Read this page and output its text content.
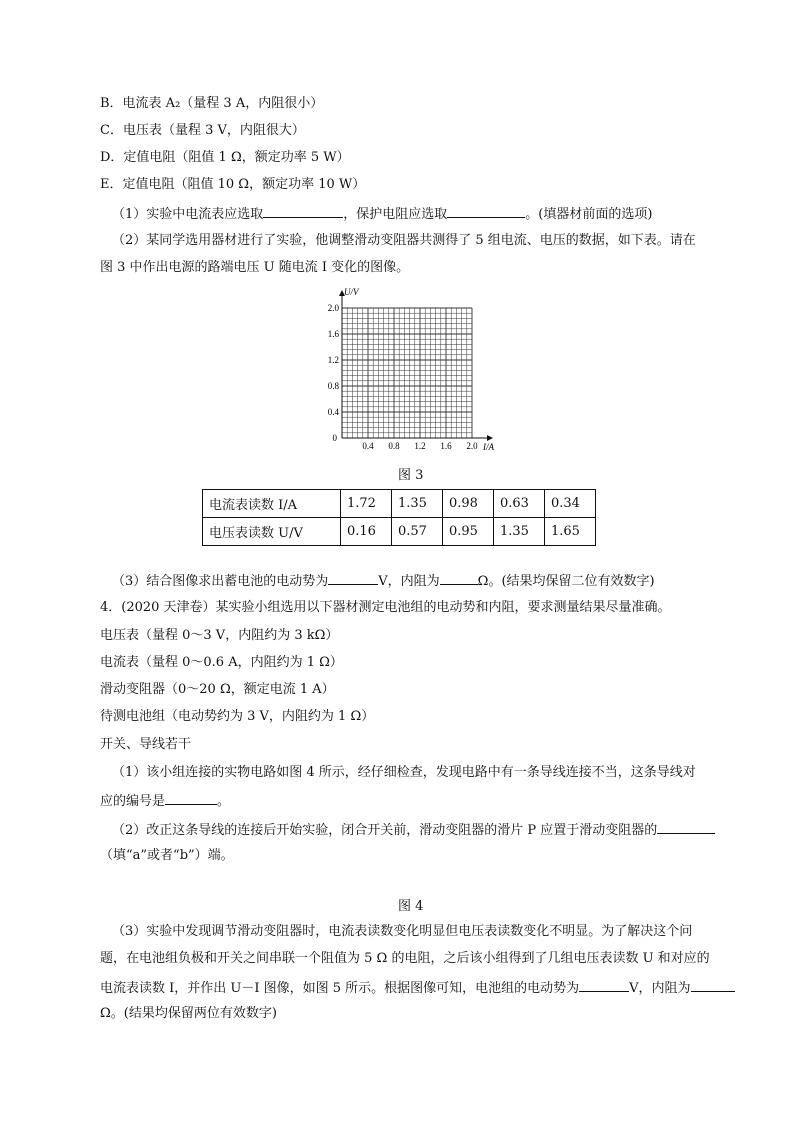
B．电流表 A₂（量程 3 A，内阻很小）
C．电压表（量程 3 V，内阻很大）
D．定值电阻（阻值 1 Ω，额定功率 5 W）
E．定值电阻（阻值 10 Ω，额定功率 10 W）
（1）实验中电流表应选取	，保护电阻应选取	。(填器材前面的选项)
（2）某同学选用器材进行了实验，他调整滑动变阻器共测得了 5 组电流、电压的数据，如下表。请在
图 3 中作出电源的路端电压 U 随电流 I 变化的图像。
U/V
I/A
2.0
1.6
1.2
0.8
0.4
0
0.4 0.8 1.2 1.6 2.0
图 3
电流表读数 I/A	1.72	1.35	0.98	0.63	0.34
电压表读数 U/V	0.16	0.57	0.95	1.35	1.65
（3）结合图像求出蓄电池的电动势为	V，内阻为	Ω。(结果均保留二位有效数字)
4．(2020 天津卷）某实验小组选用以下器材测定电池组的电动势和内阻，要求测量结果尽量准确。
电压表（量程 0～3 V，内阻约为 3 kΩ）
电流表（量程 0～0.6 A，内阻约为 1 Ω）
滑动变阻器（0～20 Ω，额定电流 1 A）
待测电池组（电动势约为 3 V，内阻约为 1 Ω）
开关、导线若干
（1）该小组连接的实物电路如图 4 所示，经仔细检查，发现电路中有一条导线连接不当，这条导线对
应的编号是	。
（2）改正这条导线的连接后开始实验，闭合开关前，滑动变阻器的滑片 P 应置于滑动变阻器的
（填“a”或者“b”）端。
图 4
（3）实验中发现调节滑动变阻器时，电流表读数变化明显但电压表读数变化不明显。为了解决这个问
题，在电池组负极和开关之间串联一个阻值为 5 Ω 的电阻，之后该小组得到了几组电压表读数 U 和对应的
电流表读数 I，并作出 U－I 图像，如图 5 所示。根据图像可知，电池组的电动势为	V，内阻为
Ω。(结果均保留两位有效数字)
